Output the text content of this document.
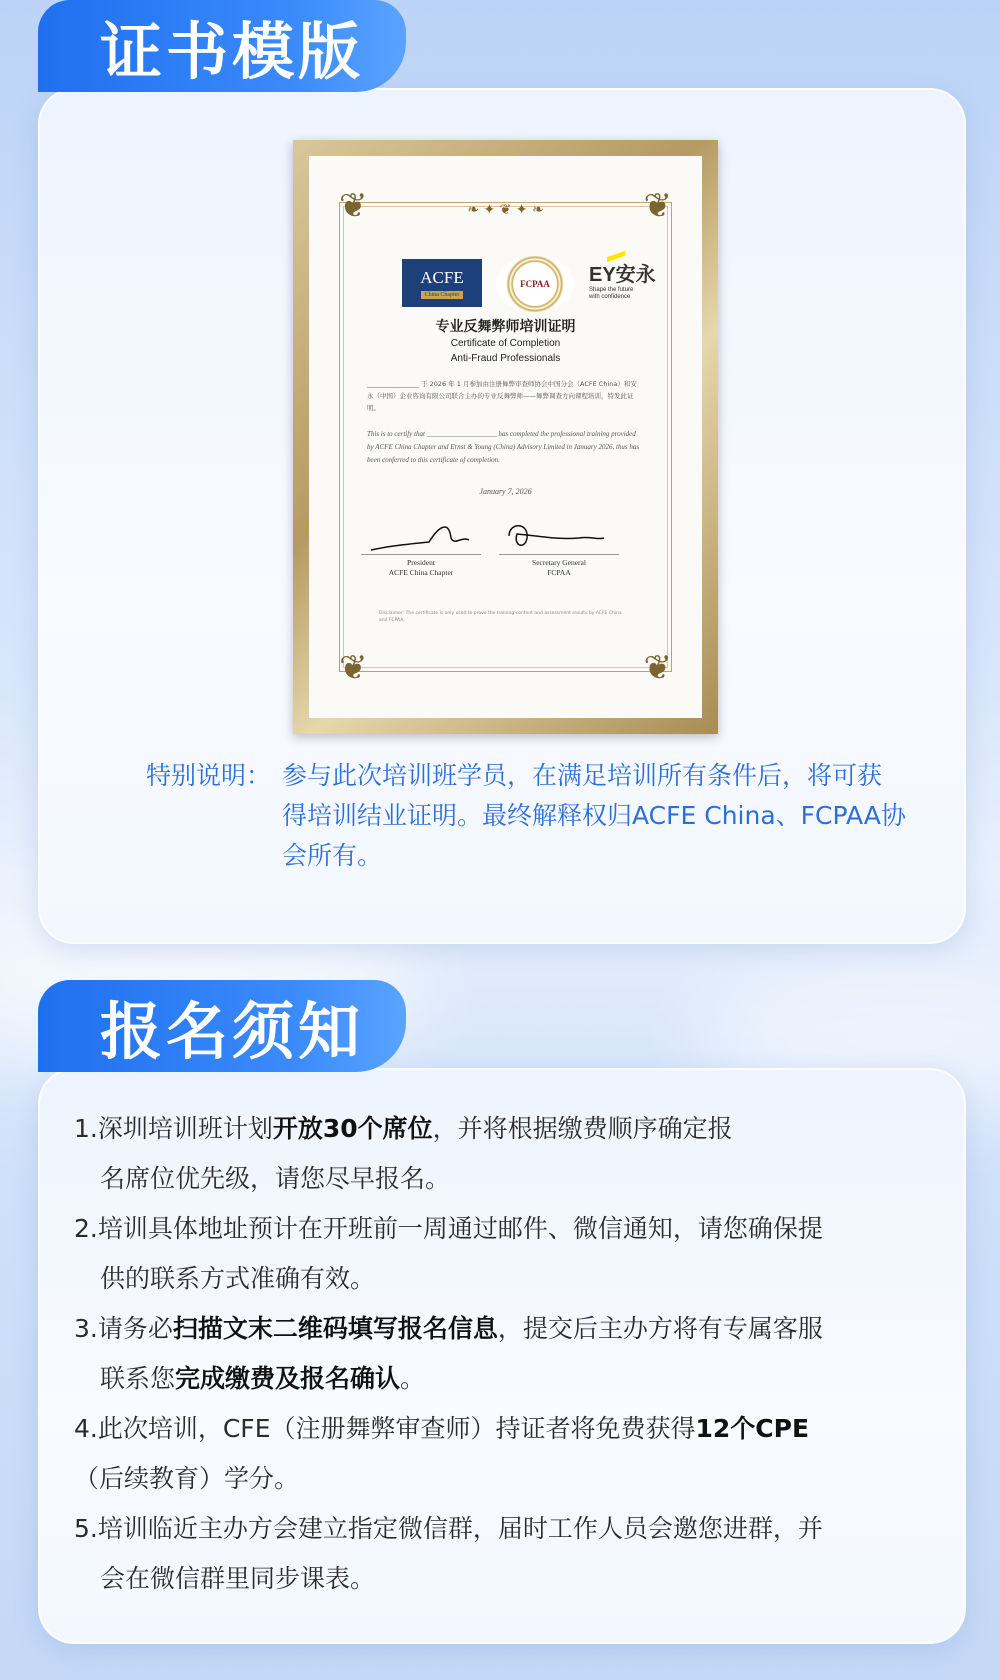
证书模版
❦	❦
❦	❦
❧ ✦ ❦ ✦ ❧
ACFE
China Chapter
FCPAA EY安永
Shape the future with confidence
专业反舞弊师培训证明
Certificate of Completion
Anti-Fraud Professionals
________________ 于 2026 年 1 月参加由注册舞弊审查师协会中国分会（ACFE China）和安永（中国）企业咨询有限公司联合主办的专业反舞弊师——舞弊调查方向课程培训，特发此证明。
This is to certify that ____________________ has completed the professional training provided by ACFE China Chapter and Ernst & Young (China) Advisory Limited in January 2026, thus has been conferred to this certificate of completion.
January 7, 2026
President
ACFE China Chapter
Secretary General
FCPAA
Disclaimer: The certificate is only used to prove the training content and assessment results by ACFE China and FCPAA.
特别说明： 参与此次培训班学员，在满足培训所有条件后，将可获得培训结业证明。最终解释权归ACFE China、FCPAA协会所有。
报名须知

1.深圳培训班计划开放30个席位，并将根据缴费顺序确定报

名席位优先级，请您尽早报名。

2.培训具体地址预计在开班前一周通过邮件、微信通知，请您确保提

供的联系方式准确有效。

3.请务必扫描文末二维码填写报名信息，提交后主办方将有专属客服

联系您完成缴费及报名确认。

4.此次培训，CFE（注册舞弊审查师）持证者将免费获得12个CPE

（后续教育）学分。

5.培训临近主办方会建立指定微信群，届时工作人员会邀您进群，并

会在微信群里同步课表。
